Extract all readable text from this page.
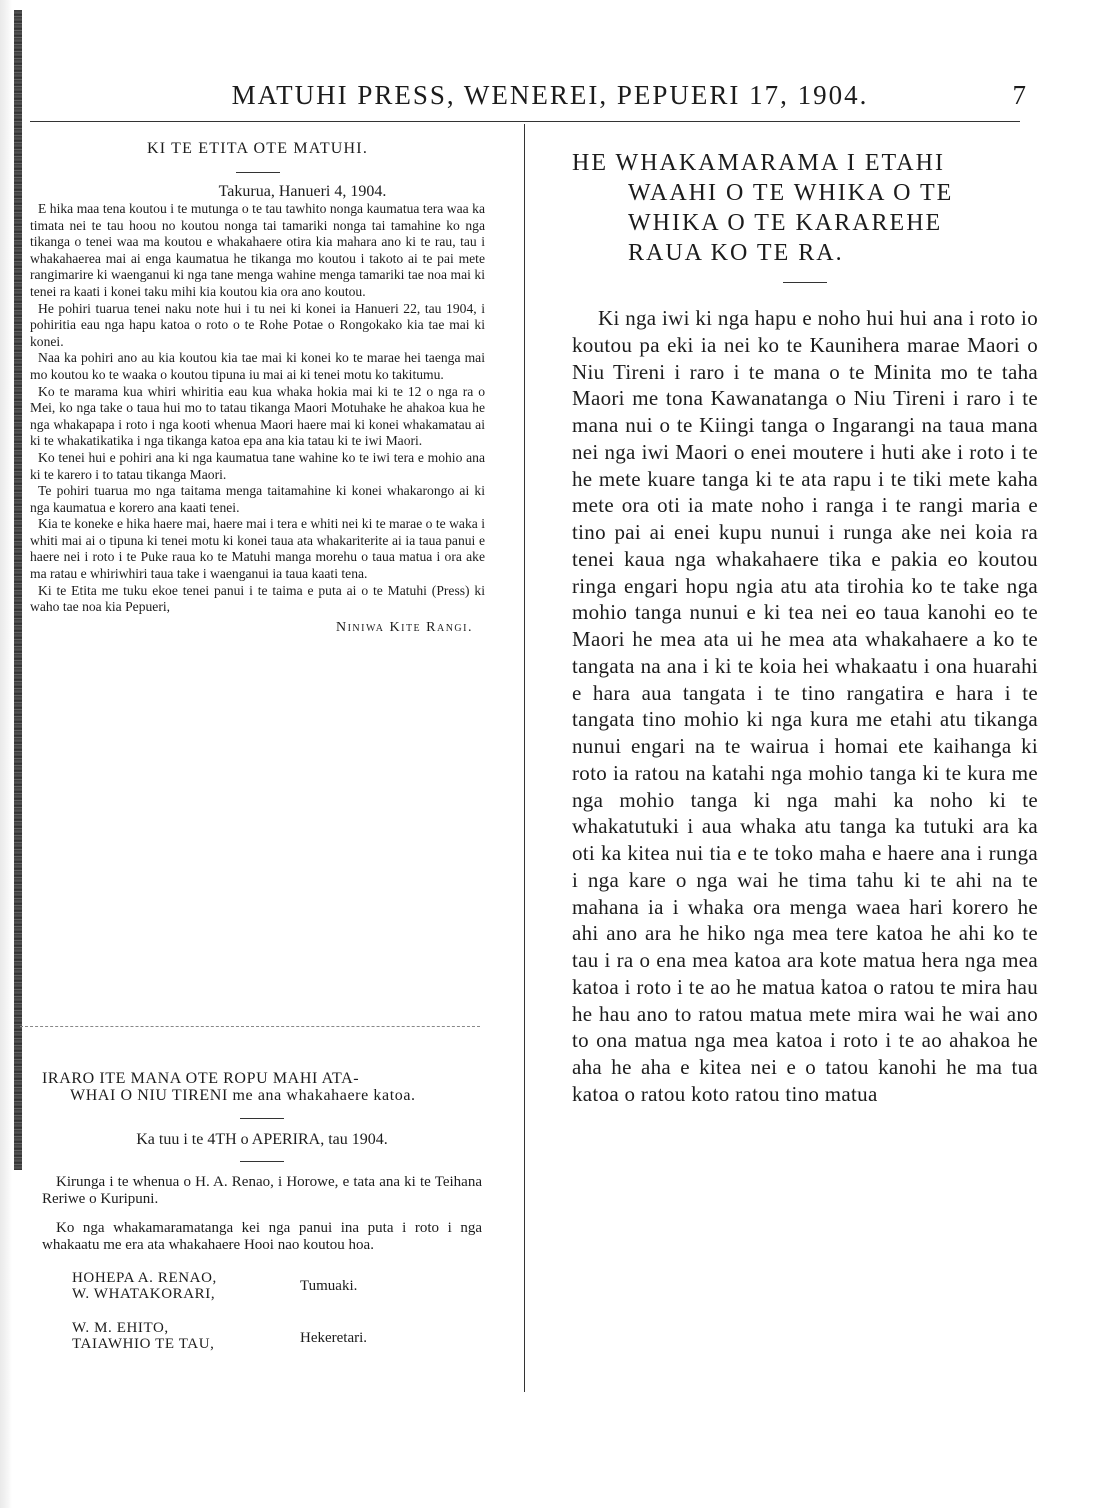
MATUHI PRESS, WENEREI, PEPUERI 17, 1904.	7

KI TE ETITA OTE MATUHI.

Takurua, Hanueri 4, 1904.

E hika maa tena koutou i te mutunga o te tau tawhito nonga kaumatua tera waa ka timata nei te tau hoou no koutou nonga tai tamariki nonga tai tamahine ko nga tikanga o tenei waa ma koutou e whakahaere otira kia mahara ano ki te rau, tau i whakahaerea mai ai enga kaumatua he tikanga mo koutou i takoto ai te pai mete rangimarire ki waenganui ki nga tane menga wahine menga tamariki tae noa mai ki tenei ra kaati i konei taku mihi kia koutou kia ora ano koutou.

He pohiri tuarua tenei naku note hui i tu nei ki konei ia Hanueri 22, tau 1904, i pohiritia eau nga hapu katoa o roto o te Rohe Potae o Rongokako kia tae mai ki konei.

Naa ka pohiri ano au kia koutou kia tae mai ki konei ko te marae hei taenga mai mo koutou ko te waaka o koutou tipuna iu mai ai ki tenei motu ko takitumu.

Ko te marama kua whiri whiritia eau kua whaka hokia mai ki te 12 o nga ra o Mei, ko nga take o taua hui mo to tatau tikanga Maori Motuhake he ahakoa kua he nga whakapapa i roto i nga kooti whenua Maori haere mai ki konei whakamatau ai ki te whakatikatika i nga tikanga katoa epa ana kia tatau ki te iwi Maori.

Ko tenei hui e pohiri ana ki nga kaumatua tane wahine ko te iwi tera e mohio ana ki te karero i to tatau tikanga Maori.

Te pohiri tuarua mo nga taitama menga taitamahine ki konei whakarongo ai ki nga kaumatua e korero ana kaati tenei.

Kia te koneke e hika haere mai, haere mai i tera e whiti nei ki te marae o te waka i whiti mai ai o tipuna ki tenei motu ki konei taua ata whakariterite ai ia taua panui e haere nei i roto i te Puke raua ko te Matuhi manga morehu o taua matua i ora ake ma ratau e whiriwhiri taua take i waenganui ia taua kaati tena.

Ki te Etita me tuku ekoe tenei panui i te taima e puta ai o te Matuhi (Press) ki waho tae noa kia Pepueri,

Niniwa Kite Rangi.

IRARO ITE MANA OTE ROPU MAHI ATA-
WHAI O NIU TIRENI me ana whakahaere katoa.

Ka tuu i te 4TH o APERIRA, tau 1904.

Kirunga i te whenua o H. A. Renao, i Horowe, e tata ana ki te Teihana Reriwe o Kuripuni.

Ko nga whakamaramatanga kei nga panui ina puta i roto i nga whakaatu me era ata whakahaere Hooi nao koutou hoa.

HOHEPA A. RENAO,
W. WHATAKORARI,	Tumuaki.
W. M. EHITO,
TAIAWHIO TE TAU,	Hekeretari.

HE WHAKAMARAMA I ETAHI
WAAHI O TE WHIKA O TE
WHIKA O TE KARAREHE
RAUA KO TE RA.

Ki nga iwi ki nga hapu e noho hui hui ana i roto io koutou pa eki ia nei ko te Kaunihera marae Maori o Niu Tireni i raro i te mana o te Minita mo te taha Maori me tona Kawanatanga o Niu Tireni i raro i te mana nui o te Kiingi tanga o Ingarangi na taua mana nei nga iwi Maori o enei moutere i huti ake i roto i te he mete kuare tanga ki te ata rapu i te tiki mete kaha mete ora oti ia mate noho i ranga i te rangi maria e tino pai ai enei kupu nunui i runga ake nei koia ra tenei kaua nga whakahaere tika e pakia eo koutou ringa engari hopu ngia atu ata tirohia ko te take nga mohio tanga nunui e ki tea nei eo taua kanohi eo te Maori he mea ata ui he mea ata whakahaere a ko te tangata na ana i ki te koia hei whakaatu i ona huarahi e hara aua tangata i te tino rangatira e hara i te tangata tino mohio ki nga kura me etahi atu tikanga nunui engari na te wairua i homai ete kaihanga ki roto ia ratou na katahi nga mohio tanga ki te kura me nga mohio tanga ki nga mahi ka noho ki te whakatutuki i aua whaka atu tanga ka tutuki ara ka oti ka kitea nui tia e te toko maha e haere ana i runga i nga kare o nga wai he tima tahu ki te ahi na te mahana ia i whaka ora menga waea hari korero he ahi ano ara he hiko nga mea tere katoa he ahi ko te tau i ra o ena mea katoa ara kote matua hera nga mea katoa i roto i te ao he matua katoa o ratou te mira hau he hau ano to ratou matua mete mira wai he wai ano to ona matua nga mea katoa i roto i te ao ahakoa he aha he aha e kitea nei e o tatou kanohi he ma tua katoa o ratou koto ratou tino matua
